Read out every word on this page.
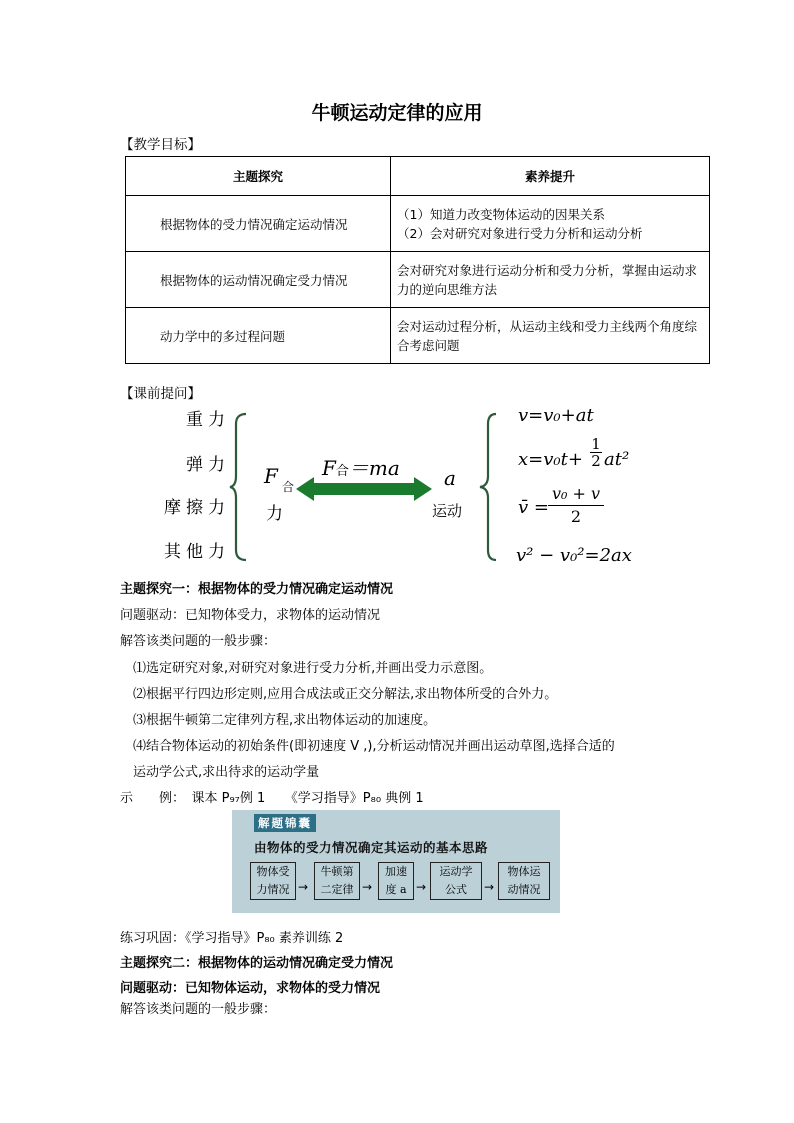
牛顿运动定律的应用
【教学目标】
主题探究	素养提升
根据物体的受力情况确定运动情况	（1）知道力改变物体运动的因果关系
（2）会对研究对象进行受力分析和运动分析

根据物体的运动情况确定受力情况	会对研究对象进行运动分析和受力分析，掌握由运动求力的逆向思维方法
动力学中的多过程问题	会对运动过程分析，从运动主线和受力主线两个角度综合考虑问题
【课前提问】
重力
弹力
摩擦力
其他力
F 合
力
F合＝ma a
运动
v=v₀+at
$x=v_0t+ \frac{1}{2} at^2$
v̄ = $\frac{\text{v₀ + v}}{2}$
v² − v₀²=2ax
主题探究一：根据物体的受力情况确定运动情况
问题驱动：已知物体受力，求物体的运动情况
解答该类问题的一般步骤：
⑴选定研究对象,对研究对象进行受力分析,并画出受力示意图。
⑵根据平行四边形定则,应用合成法或正交分解法,求出物体所受的合外力。
⑶根据牛顿第二定律列方程,求出物体运动的加速度。
⑷结合物体运动的初始条件(即初速度 V ,),分析运动情况并画出运动草图,选择合适的
运动学公式,求出待求的运动学量
示　　例：　课本 P₉₇例 1　　《学习指导》P₈₀ 典例 1
解题锦囊
由物体的受力情况确定其运动的基本思路
物体受
力情况 →
牛顿第
二定律 →
加速
度 a →
运动学
公式	→
物体运
动情况
练习巩固：《学习指导》P₈₀ 素养训练 2
主题探究二：根据物体的运动情况确定受力情况
问题驱动：已知物体运动，求物体的受力情况
解答该类问题的一般步骤：
